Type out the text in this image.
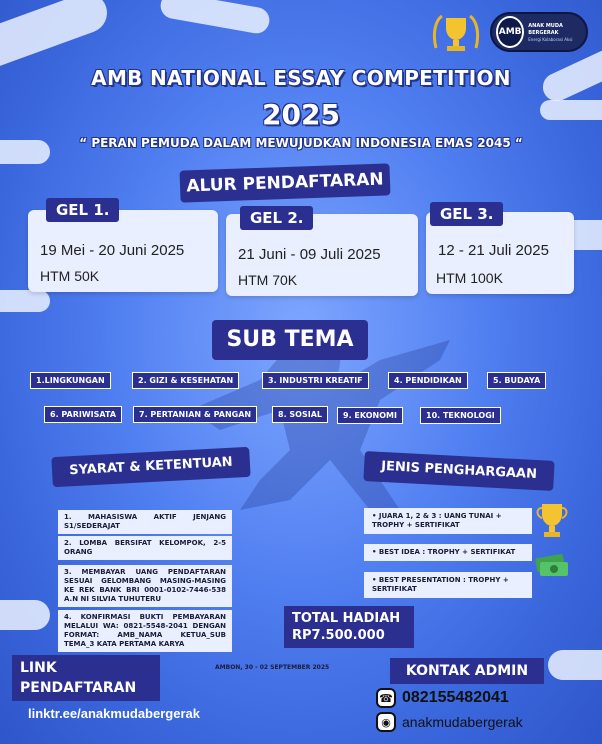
AMB
ANAK MUDA BERGERAK
Energi Kolaborasi Aksi
AMB NATIONAL ESSAY COMPETITION
2025
“ PERAN PEMUDA DALAM MEWUJUDKAN INDONESIA EMAS 2045 “
ALUR PENDAFTARAN
GEL 1.
19 Mei - 20 Juni 2025
HTM 50K
GEL 2.
21 Juni - 09 Juli 2025
HTM 70K
GEL 3.
12 - 21 Juli 2025
HTM 100K
SUB TEMA
1.LINGKUNGAN	2. GIZI & KESEHATAN	3. INDUSTRI KREATIF	4. PENDIDIKAN	5. BUDAYA
6. PARIWISATA	7. PERTANIAN & PANGAN	8. SOSIAL	9. EKONOMI	10. TEKNOLOGI
SYARAT & KETENTUAN
1. MAHASISWA AKTIF JENJANG S1/SEDERAJAT
2. LOMBA BERSIFAT KELOMPOK, 2-5 ORANG
3. MEMBAYAR UANG PENDAFTARAN SESUAI GELOMBANG MASING-MASING KE REK BANK BRI 0001-0102-7446-538 A.N NI SILVIA TUHUTERU
4. KONFIRMASI BUKTI PEMBAYARAN MELALUI WA: 0821-5548-2041 DENGAN FORMAT: AMB_NAMA KETUA_SUB TEMA_3 KATA PERTAMA KARYA
JENIS PENGHARGAAN
• JUARA 1, 2 & 3 : UANG TUNAI + TROPHY + SERTIFIKAT
• BEST IDEA : TROPHY + SERTIFIKAT
• BEST PRESENTATION : TROPHY + SERTIFIKAT
TOTAL HADIAH
RP7.500.000
AMBON, 30 - 02 SEPTEMBER 2025
LINK PENDAFTARAN
linktr.ee/anakmudabergerak
KONTAK ADMIN
☎ 082155482041
◉ anakmudabergerak
